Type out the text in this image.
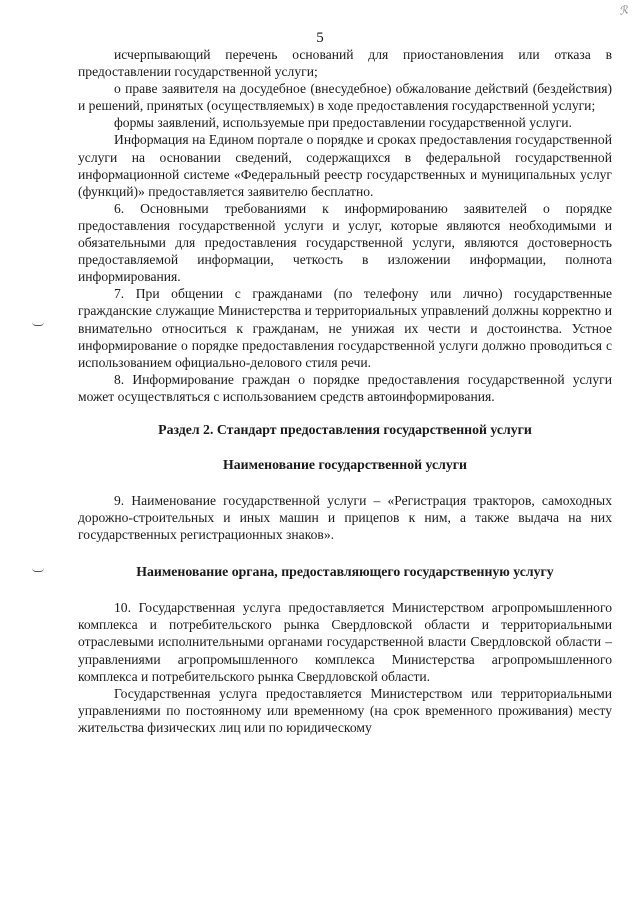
ℛ
5

исчерпывающий перечень оснований для приостановления или отказа в предоставлении государственной услуги;

о праве заявителя на досудебное (внесудебное) обжалование действий (бездействия) и решений, принятых (осуществляемых) в ходе предоставления государственной услуги;

формы заявлений, используемые при предоставлении государственной услуги.

Информация на Едином портале о порядке и сроках предоставления государственной услуги на основании сведений, содержащихся в федеральной государственной информационной системе «Федеральный реестр государственных и муниципальных услуг (функций)» предоставляется заявителю бесплатно.

6. Основными требованиями к информированию заявителей о порядке предоставления государственной услуги и услуг, которые являются необходимыми и обязательными для предоставления государственной услуги, являются достоверность предоставляемой информации, четкость в изложении информации, полнота информирования.

7. При общении с гражданами (по телефону или лично) государственные гражданские служащие Министерства и территориальных управлений должны корректно и внимательно относиться к гражданам, не унижая их чести и достоинства. Устное информирование о порядке предоставления государственной услуги должно проводиться с использованием официально-делового стиля речи.

8. Информирование граждан о порядке предоставления государственной услуги может осуществляться с использованием средств автоинформирования.

Раздел 2. Стандарт предоставления государственной услуги
Наименование государственной услуги

9. Наименование государственной услуги – «Регистрация тракторов, самоходных дорожно-строительных и иных машин и прицепов к ним, а также выдача на них государственных регистрационных знаков».

Наименование органа, предоставляющего государственную услугу

10. Государственная услуга предоставляется Министерством агропромышленного комплекса и потребительского рынка Свердловской области и территориальными отраслевыми исполнительными органами государственной власти Свердловской области – управлениями агропромышленного комплекса Министерства агропромышленного комплекса и потребительского рынка Свердловской области.

Государственная услуга предоставляется Министерством или территориальными управлениями по постоянному или временному (на срок временного проживания) месту жительства физических лиц или по юридическому
